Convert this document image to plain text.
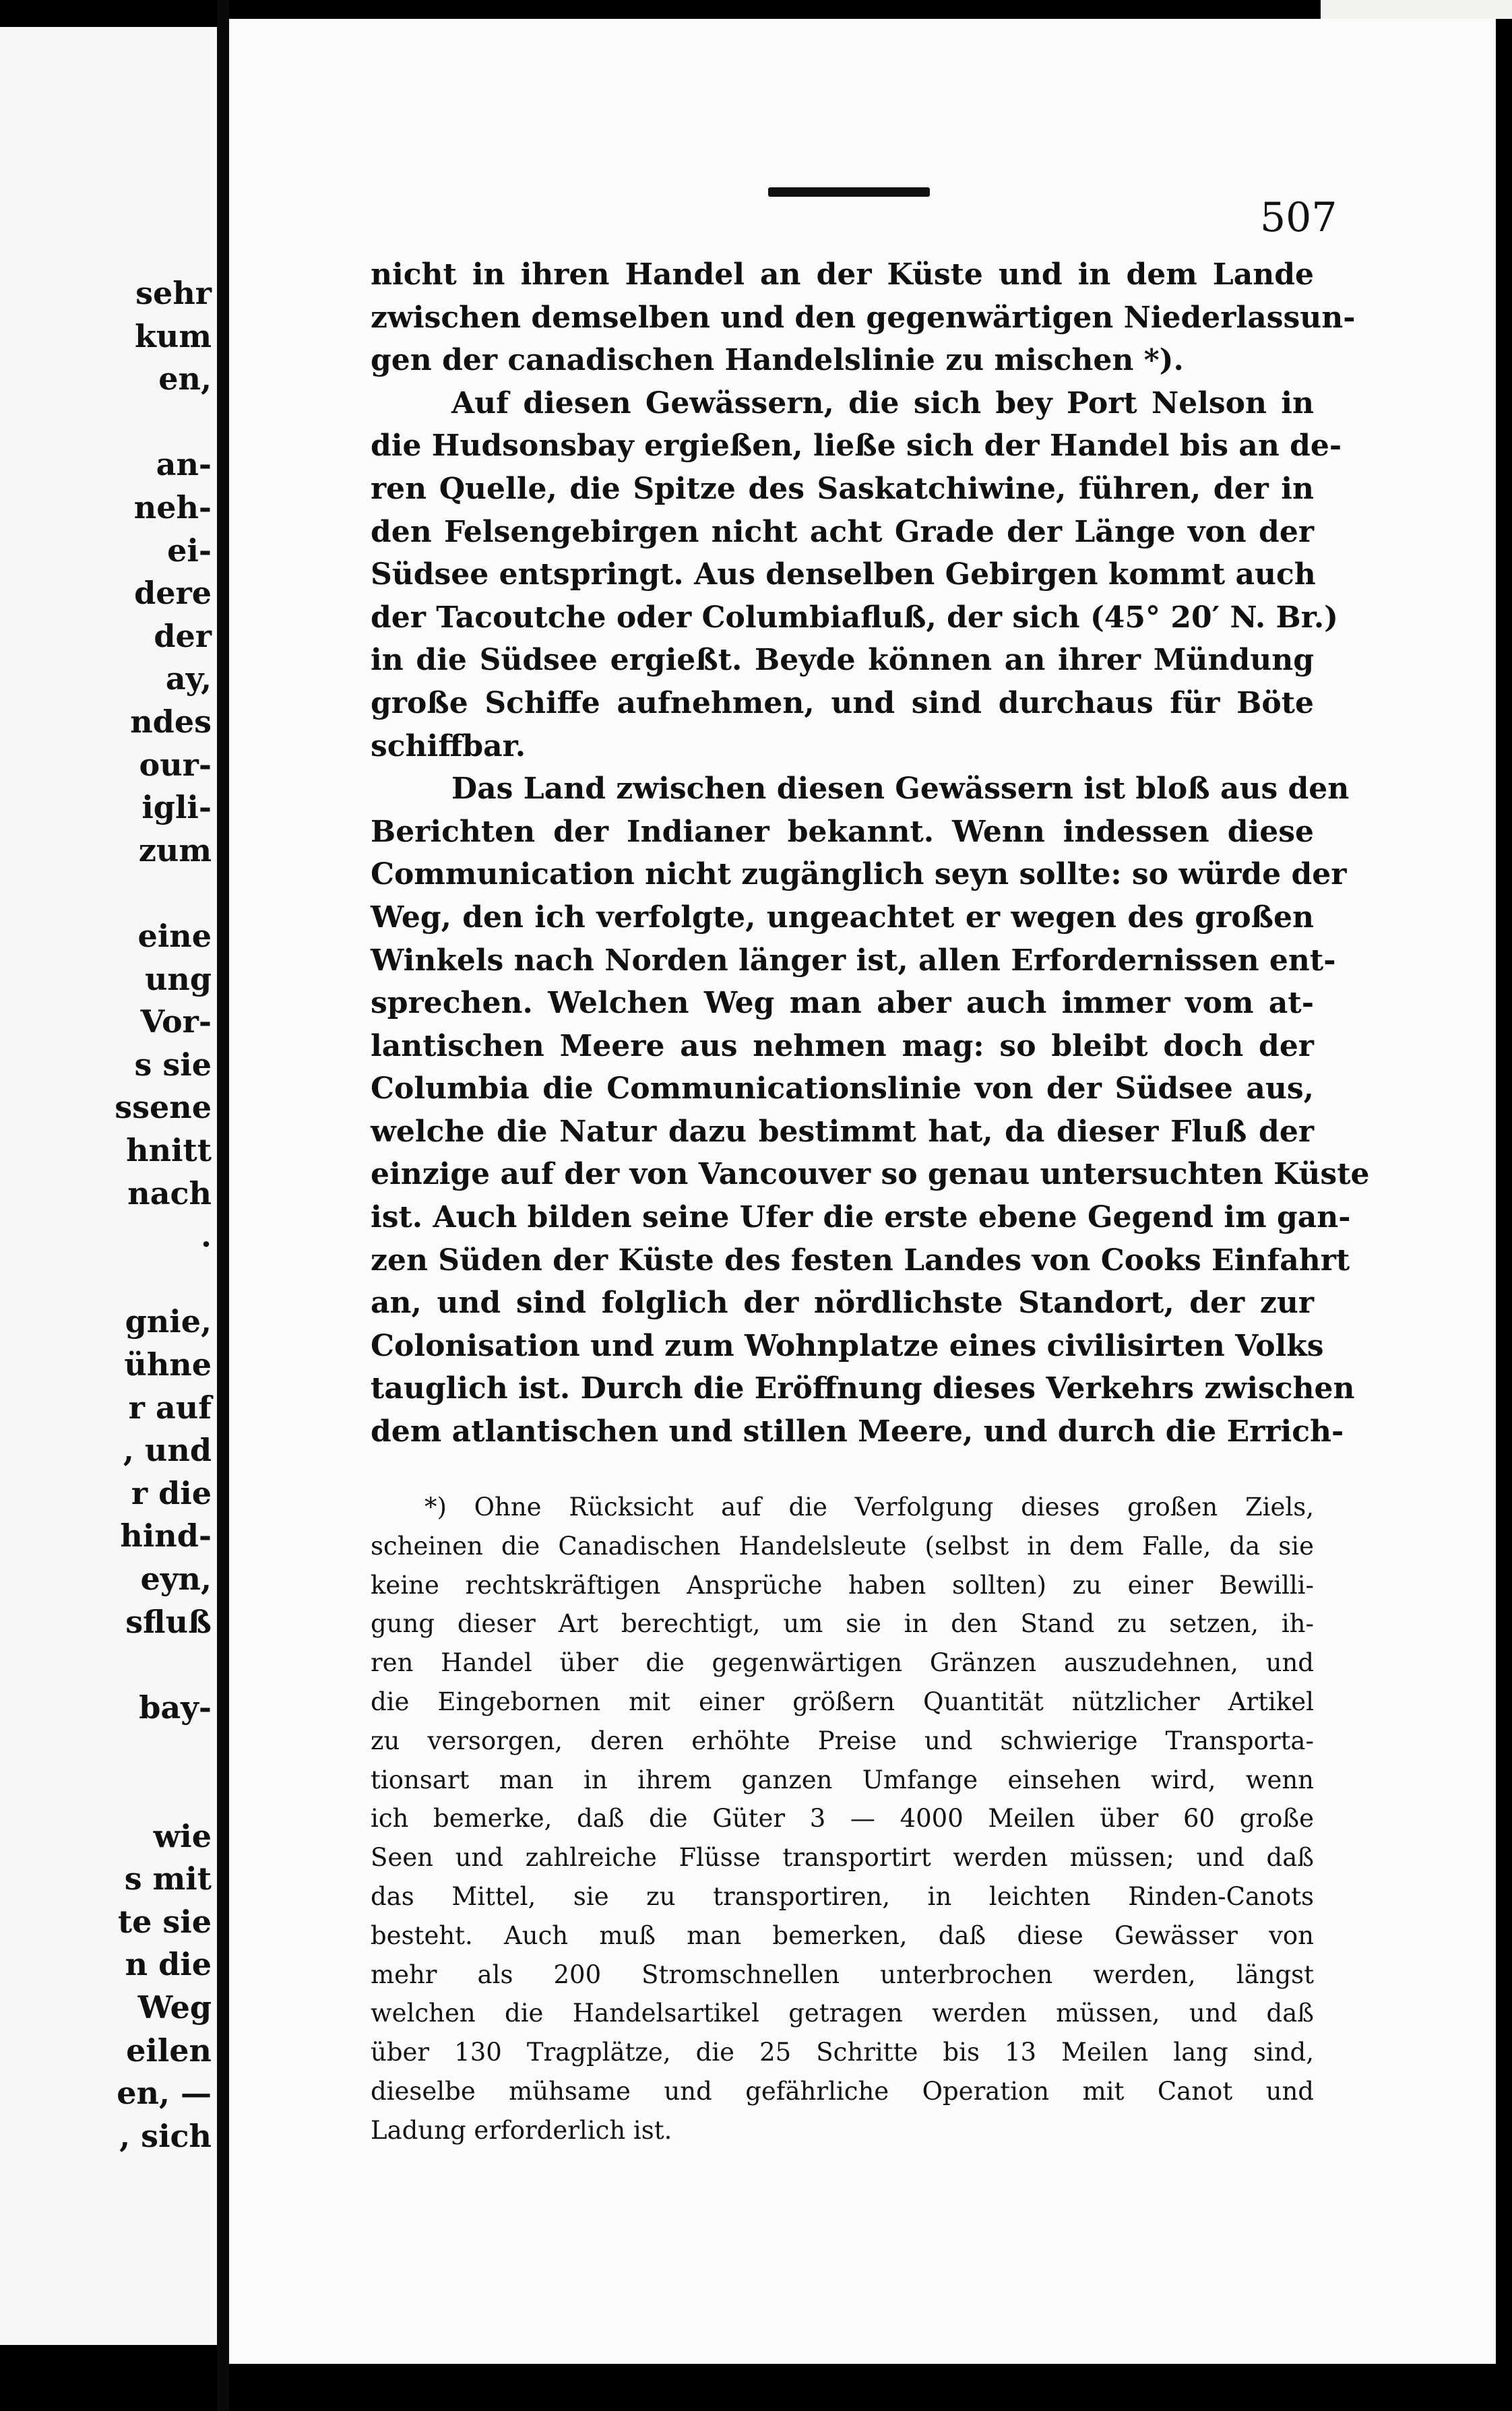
sehr
kum
en,
an-
neh-
ei-
dere
der
ay,
ndes
our-
igli-
zum
eine
ung
Vor-
s sie
ssene
hnitt
nach
.
gnie,
ühne
r auf
, und
r die
hind-
eyn,
sfluß
bay-
wie
s mit
te sie
n die
Weg
eilen
en, —
, sich
507
nicht in ihren Handel an der Küste und in dem Lande
zwischen demselben und den gegenwärtigen Niederlassun-
gen der canadischen Handelslinie zu mischen *).
Auf diesen Gewässern, die sich bey Port Nelson in
die Hudsonsbay ergießen, ließe sich der Handel bis an de-
ren Quelle, die Spitze des Saskatchiwine, führen, der in
den Felsengebirgen nicht acht Grade der Länge von der
Südsee entspringt. Aus denselben Gebirgen kommt auch
der Tacoutche oder Columbiafluß, der sich (45° 20′ N. Br.)
in die Südsee ergießt. Beyde können an ihrer Mündung
große Schiffe aufnehmen, und sind durchaus für Böte
schiffbar.
Das Land zwischen diesen Gewässern ist bloß aus den
Berichten der Indianer bekannt. Wenn indessen diese
Communication nicht zugänglich seyn sollte: so würde der
Weg, den ich verfolgte, ungeachtet er wegen des großen
Winkels nach Norden länger ist, allen Erfordernissen ent-
sprechen. Welchen Weg man aber auch immer vom at-
lantischen Meere aus nehmen mag: so bleibt doch der
Columbia die Communicationslinie von der Südsee aus,
welche die Natur dazu bestimmt hat, da dieser Fluß der
einzige auf der von Vancouver so genau untersuchten Küste
ist. Auch bilden seine Ufer die erste ebene Gegend im gan-
zen Süden der Küste des festen Landes von Cooks Einfahrt
an, und sind folglich der nördlichste Standort, der zur
Colonisation und zum Wohnplatze eines civilisirten Volks
tauglich ist. Durch die Eröffnung dieses Verkehrs zwischen
dem atlantischen und stillen Meere, und durch die Errich-
*) Ohne Rücksicht auf die Verfolgung dieses großen Ziels,
scheinen die Canadischen Handelsleute (selbst in dem Falle, da sie
keine rechtskräftigen Ansprüche haben sollten) zu einer Bewilli-
gung dieser Art berechtigt, um sie in den Stand zu setzen, ih-
ren Handel über die gegenwärtigen Gränzen auszudehnen, und
die Eingebornen mit einer größern Quantität nützlicher Artikel
zu versorgen, deren erhöhte Preise und schwierige Transporta-
tionsart man in ihrem ganzen Umfange einsehen wird, wenn
ich bemerke, daß die Güter 3 — 4000 Meilen über 60 große
Seen und zahlreiche Flüsse transportirt werden müssen; und daß
das Mittel, sie zu transportiren, in leichten Rinden-Canots
besteht. Auch muß man bemerken, daß diese Gewässer von
mehr als 200 Stromschnellen unterbrochen werden, längst
welchen die Handelsartikel getragen werden müssen, und daß
über 130 Tragplätze, die 25 Schritte bis 13 Meilen lang sind,
dieselbe mühsame und gefährliche Operation mit Canot und
Ladung erforderlich ist.
